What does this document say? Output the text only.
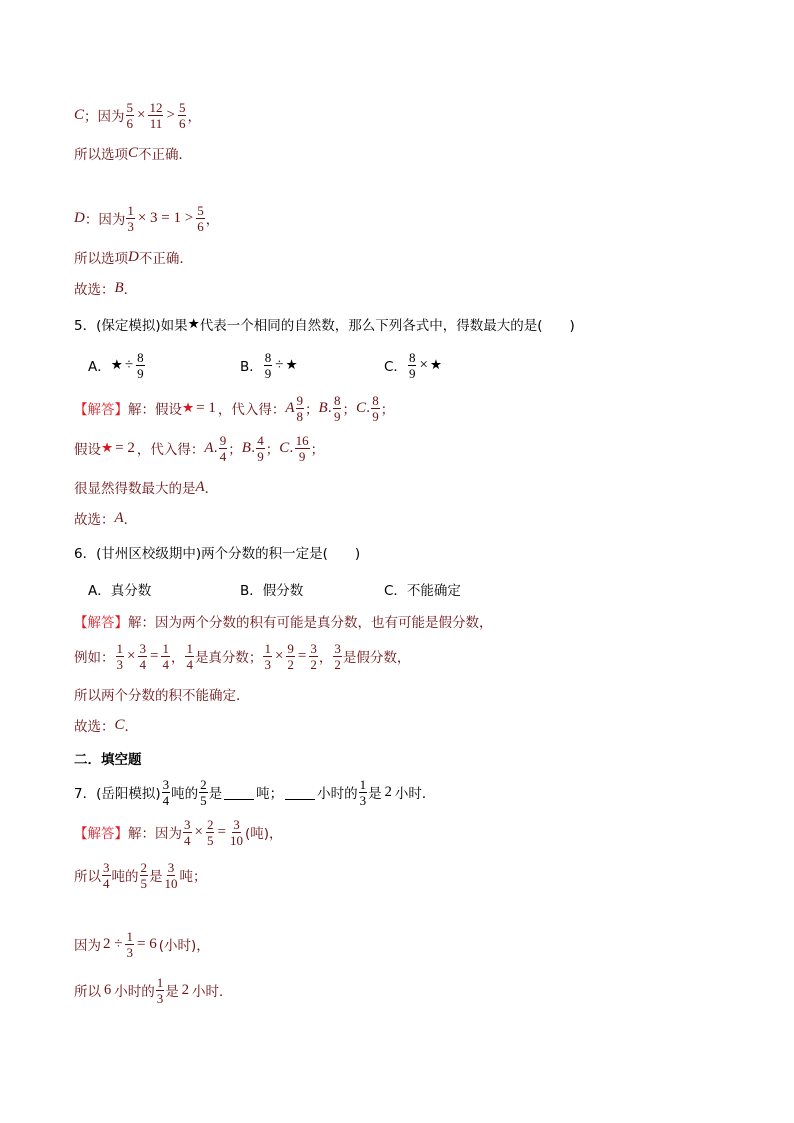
C ；因为 $\frac{5}{6} \times \frac{12}{11} > \frac{5}{6}$ ，
所以选项 C 不正确．
D ：因为 $\frac{1}{3} \times 3 = 1 > \frac{5}{6}$ ，
所以选项 D 不正确．
故选： B ．
5．(保定模拟)如果 ★ 代表一个相同的自然数，那么下列各式中，得数最大的是(　　)
A． ★ ÷ $\frac{8}{9}$	B． $\frac{8}{9}$ ÷ ★	C． $\frac{8}{9}$ × ★
【解答】 解：假设 ★ = 1 ，代入得： A $\frac{9}{8}$ ； B . $\frac{8}{9}$ ； C . $\frac{8}{9}$ ；
假设 ★ = 2 ，代入得： A . $\frac{9}{4}$ ； B . $\frac{4}{9}$ ； C . $\frac{16}{9}$ ；
很显然得数最大的是 A ．
故选： A ．
6．(甘州区校级期中)两个分数的积一定是(　　)
A．真分数	B．假分数	C．不能确定
【解答】 解：因为两个分数的积有可能是真分数，也有可能是假分数，
例如： $\frac{1}{3} \times \frac{3}{4} = \frac{1}{4}$ ， $\frac{1}{4}$ 是真分数； $\frac{1}{3} \times \frac{9}{2} = \frac{3}{2}$ ， $\frac{3}{2}$ 是假分数，
所以两个分数的积不能确定．
故选： C ．
二．填空题
7．(岳阳模拟) $\frac{3}{4}$ 吨的 $\frac{2}{5}$ 是	吨；	小时的 $\frac{1}{3}$ 是 2 小时．
【解答】 解：因为 $\frac{3}{4} \times \frac{2}{5} = \frac{3}{10}$ (吨)，
所以 $\frac{3}{4}$ 吨的 $\frac{2}{5}$ 是 $\frac{3}{10}$ 吨；
因为 $2 \div \frac{1}{3} = 6$ (小时)，
所以 6 小时的 $\frac{1}{3}$ 是 2 小时．
